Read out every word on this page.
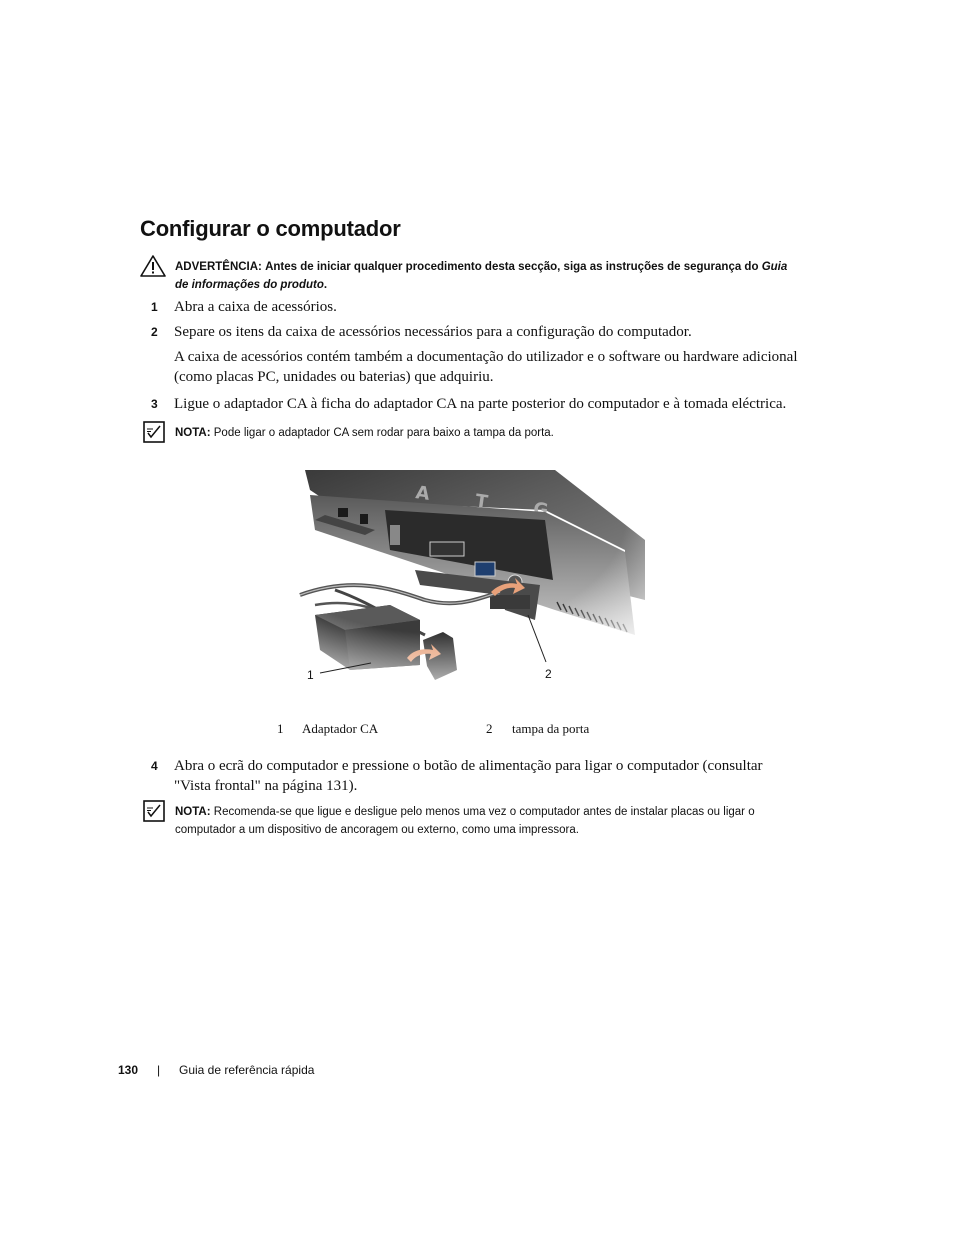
Configurar o computador
ADVERTÊNCIA: Antes de iniciar qualquer procedimento desta secção, siga as instruções de segurança do Guia
de informações do produto.
1 Abra a caixa de acessórios.
2 Separe os itens da caixa de acessórios necessários para a configuração do computador.
A caixa de acessórios contém também a documentação do utilizador e o software ou hardware adicional
(como placas PC, unidades ou baterias) que adquiriu.
3 Ligue o adaptador CA à ficha do adaptador CA na parte posterior do computador e à tomada eléctrica.
NOTA: Pode ligar o adaptador CA sem rodar para baixo a tampa da porta.
1	2
1 Adaptador CA	2 tampa da porta
4 Abra o ecrã do computador e pressione o botão de alimentação para ligar o computador (consultar
"Vista frontal" na página 131).
NOTA: Recomenda-se que ligue e desligue pelo menos uma vez o computador antes de instalar placas ou ligar o
computador a um dispositivo de ancoragem ou externo, como uma impressora.
130 | Guia de referência rápida
